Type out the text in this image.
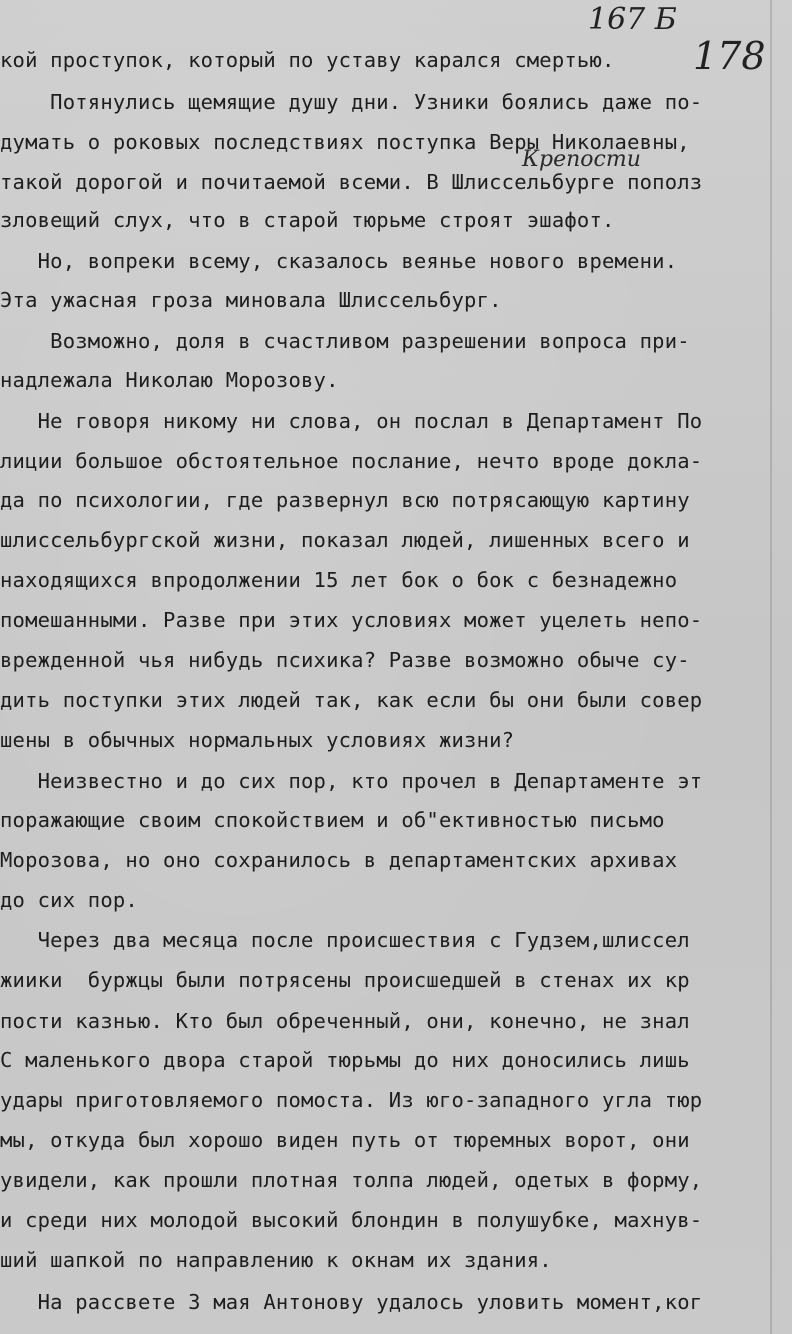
167 Б
178
Крепости
кой проступок, который по уставу карался смертью.
Потянулись щемящие душу дни. Узники боялись даже по-
думать о роковых последствиях поступка Веры Николаевны,
такой дорогой и почитаемой всеми. В Шлиссельбурге пополз
зловещий слух, что в старой тюрьме строят эшафот.
Но, вопреки всему, сказалось веянье нового времени.
Эта ужасная гроза миновала Шлиссельбург.
Возможно, доля в счастливом разрешении вопроса при-
надлежала Николаю Морозову.
Не говоря никому ни слова, он послал в Департамент По
лиции большое обстоятельное послание, нечто вроде докла-
да по психологии, где развернул всю потрясающую картину
шлиссельбургской жизни, показал людей, лишенных всего и
находящихся впродолжении 15 лет бок о бок с безнадежно
помешанными. Разве при этих условиях может уцелеть непо-
врежденной чья нибудь психика? Разве возможно обыче су-
дить поступки этих людей так, как если бы они были совер
шены в обычных нормальных условиях жизни?
Неизвестно и до сих пор, кто прочел в Департаменте эт
поражающие своим спокойствием и об"ективностью письмо
Морозова, но оно сохранилось в департаментских архивах
до сих пор.
Через два месяца после происшествия с Гудзем,шлиссел
жиики  буржцы были потрясены происшедшей в стенах их кр
пости казнью. Кто был обреченный, они, конечно, не знал
С маленького двора старой тюрьмы до них доносились лишь
удары приготовляемого помоста. Из юго-западного угла тюр
мы, откуда был хорошо виден путь от тюремных ворот, они
увидели, как прошли плотная толпа людей, одетых в форму,
и среди них молодой высокий блондин в полушубке, махнув-
ший шапкой по направлению к окнам их здания.
На рассвете 3 мая Антонову удалось уловить момент,ког
